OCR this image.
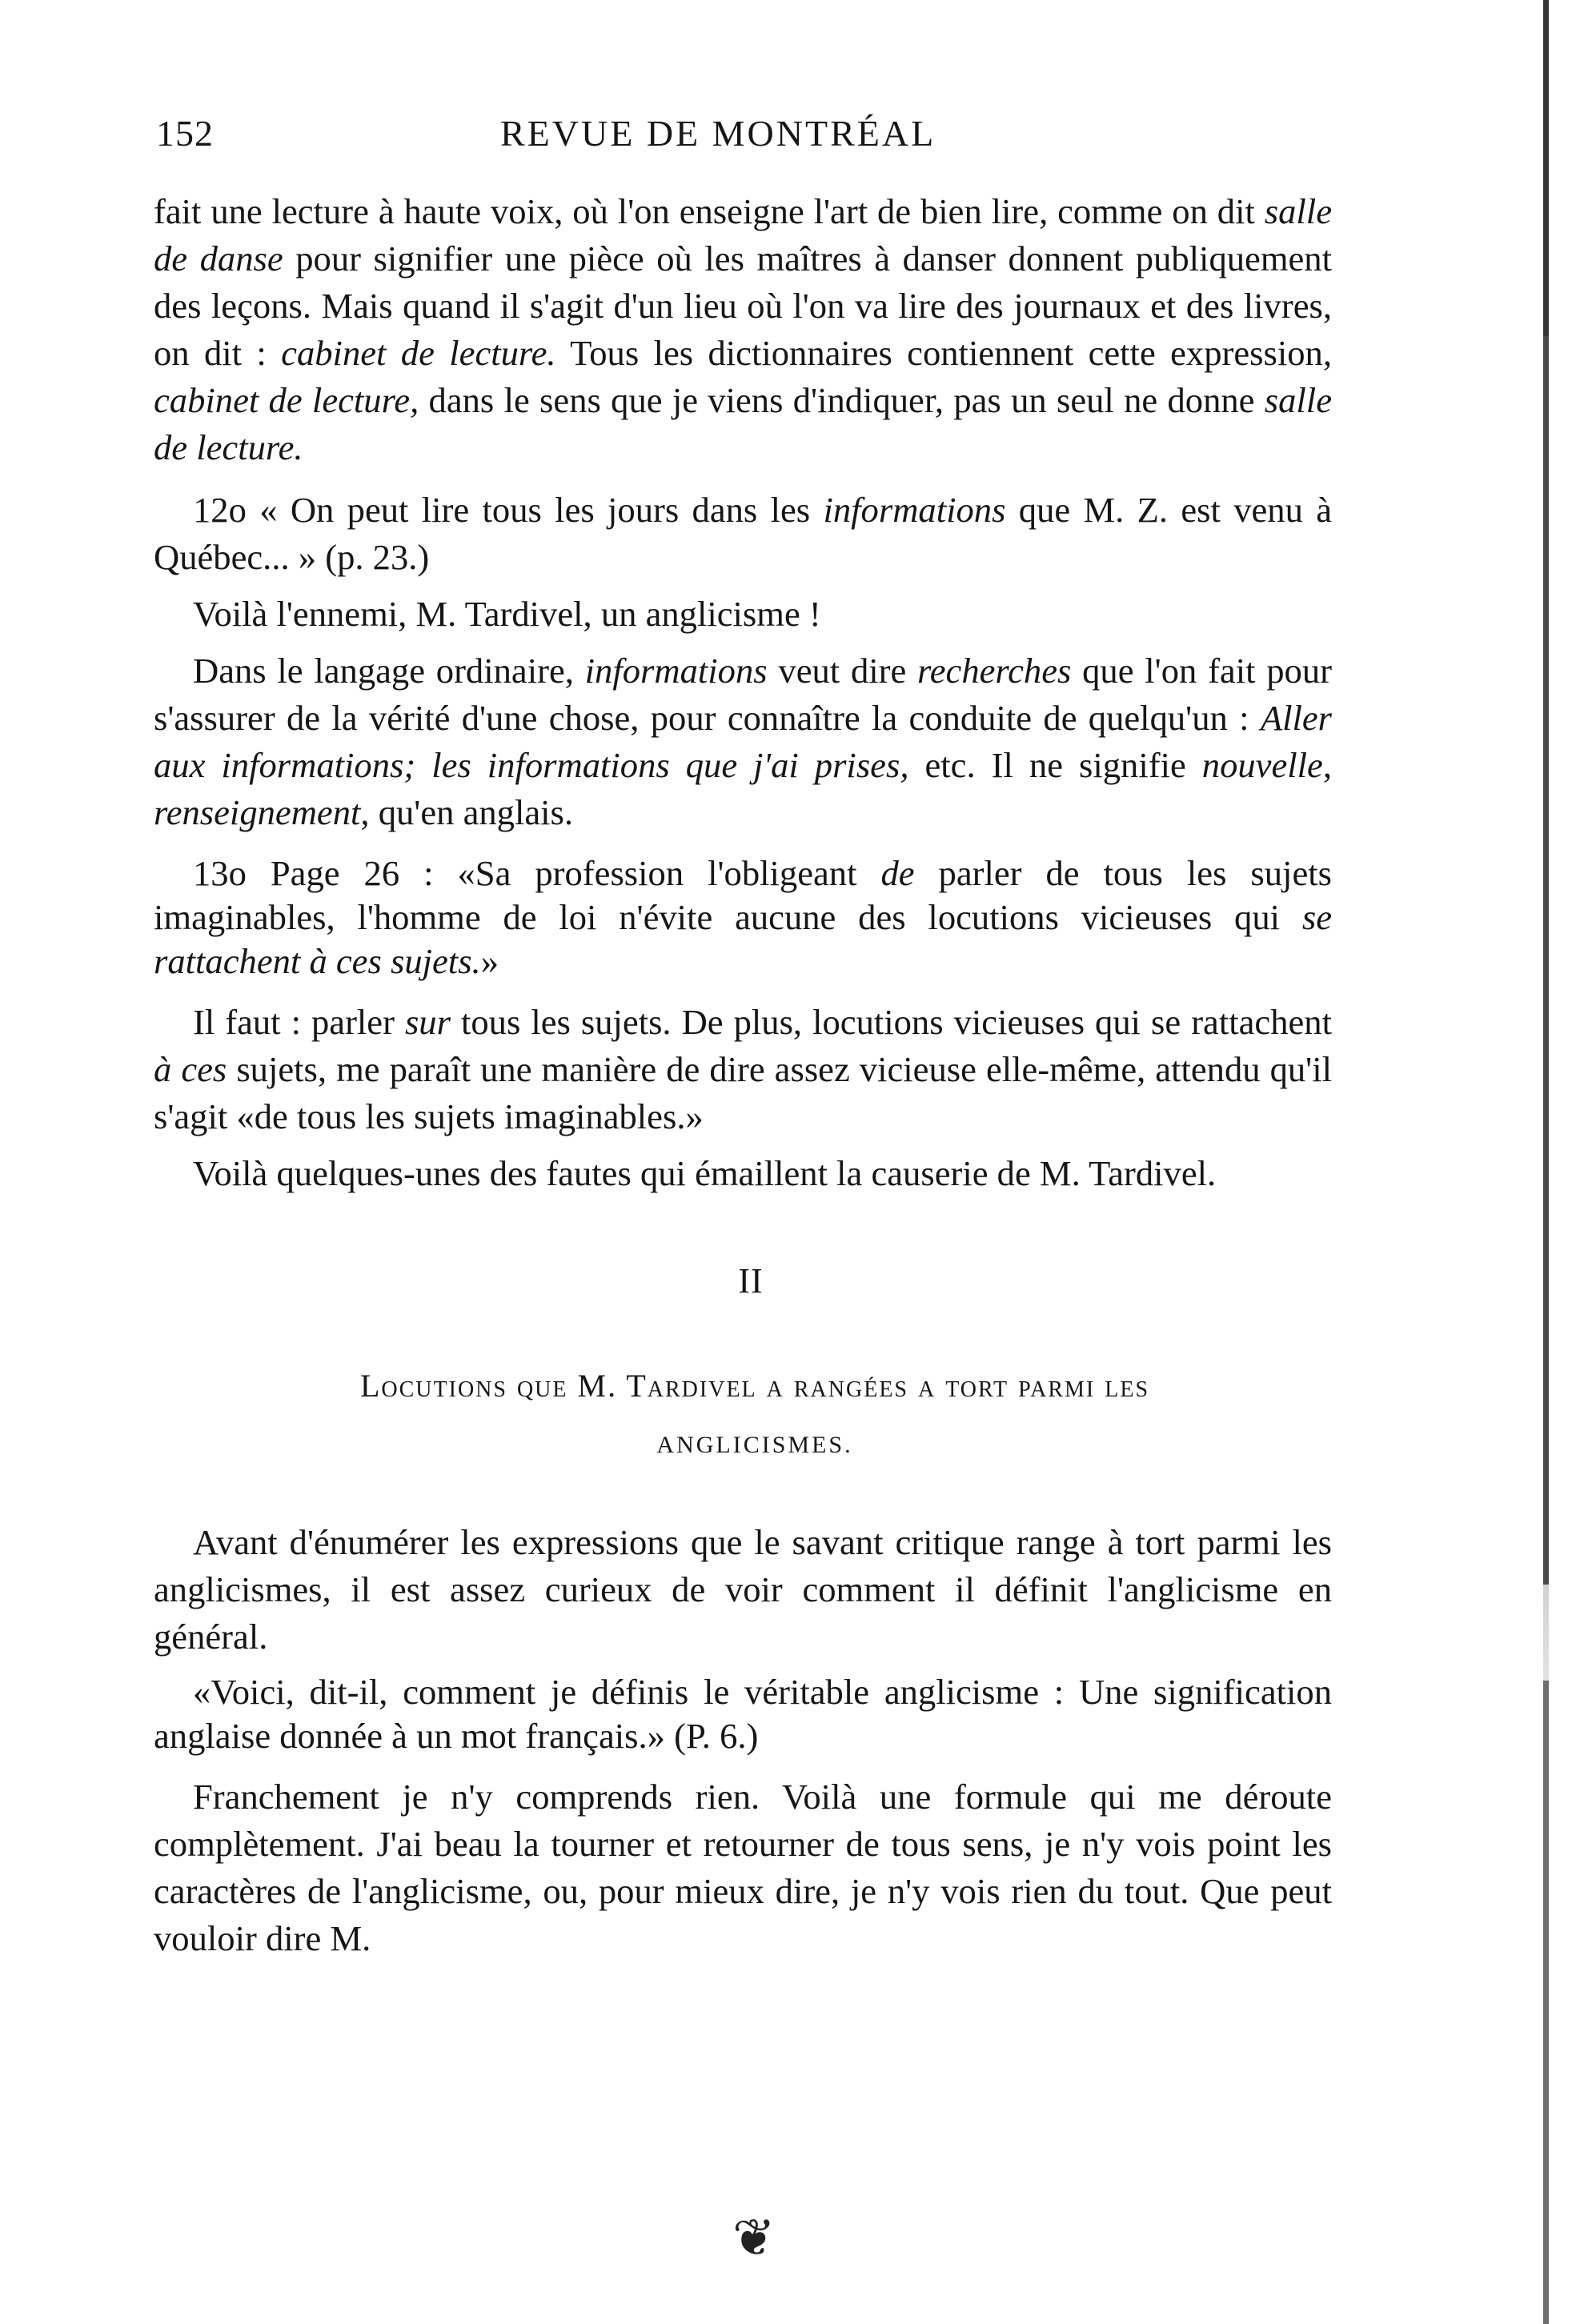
152	REVUE DE MONTRÉAL

fait une lecture à haute voix, où l'on enseigne l'art de bien lire, comme on dit salle de danse pour signifier une pièce où les maîtres à danser donnent publiquement des leçons. Mais quand il s'agit d'un lieu où l'on va lire des journaux et des livres, on dit : cabinet de lecture. Tous les dictionnaires contiennent cette expression, cabinet de lecture, dans le sens que je viens d'indiquer, pas un seul ne donne salle de lecture.

12o « On peut lire tous les jours dans les informations que M. Z. est venu à Québec... » (p. 23.)

Voilà l'ennemi, M. Tardivel, un anglicisme !

Dans le langage ordinaire, informations veut dire recherches que l'on fait pour s'assurer de la vérité d'une chose, pour connaître la conduite de quelqu'un : Aller aux informations; les informations que j'ai prises, etc. Il ne signifie nouvelle, renseignement, qu'en anglais.

13o Page 26 : «Sa profession l'obligeant de parler de tous les sujets imaginables, l'homme de loi n'évite aucune des locutions vicieuses qui se rattachent à ces sujets.»

Il faut : parler sur tous les sujets. De plus, locutions vicieuses qui se rattachent à ces sujets, me paraît une manière de dire assez vicieuse elle-même, attendu qu'il s'agit «de tous les sujets imaginables.»

Voilà quelques-unes des fautes qui émaillent la causerie de M. Tardivel.

II
Locutions que M. Tardivel a rangées a tort parmi les
ANGLICISMES.

Avant d'énumérer les expressions que le savant critique range à tort parmi les anglicismes, il est assez curieux de voir comment il définit l'anglicisme en général.

«Voici, dit-il, comment je définis le véritable anglicisme : Une signification anglaise donnée à un mot français.» (P. 6.)

Franchement je n'y comprends rien. Voilà une formule qui me déroute complètement. J'ai beau la tourner et retourner de tous sens, je n'y vois point les caractères de l'anglicisme, ou, pour mieux dire, je n'y vois rien du tout. Que peut vouloir dire M.

❦
